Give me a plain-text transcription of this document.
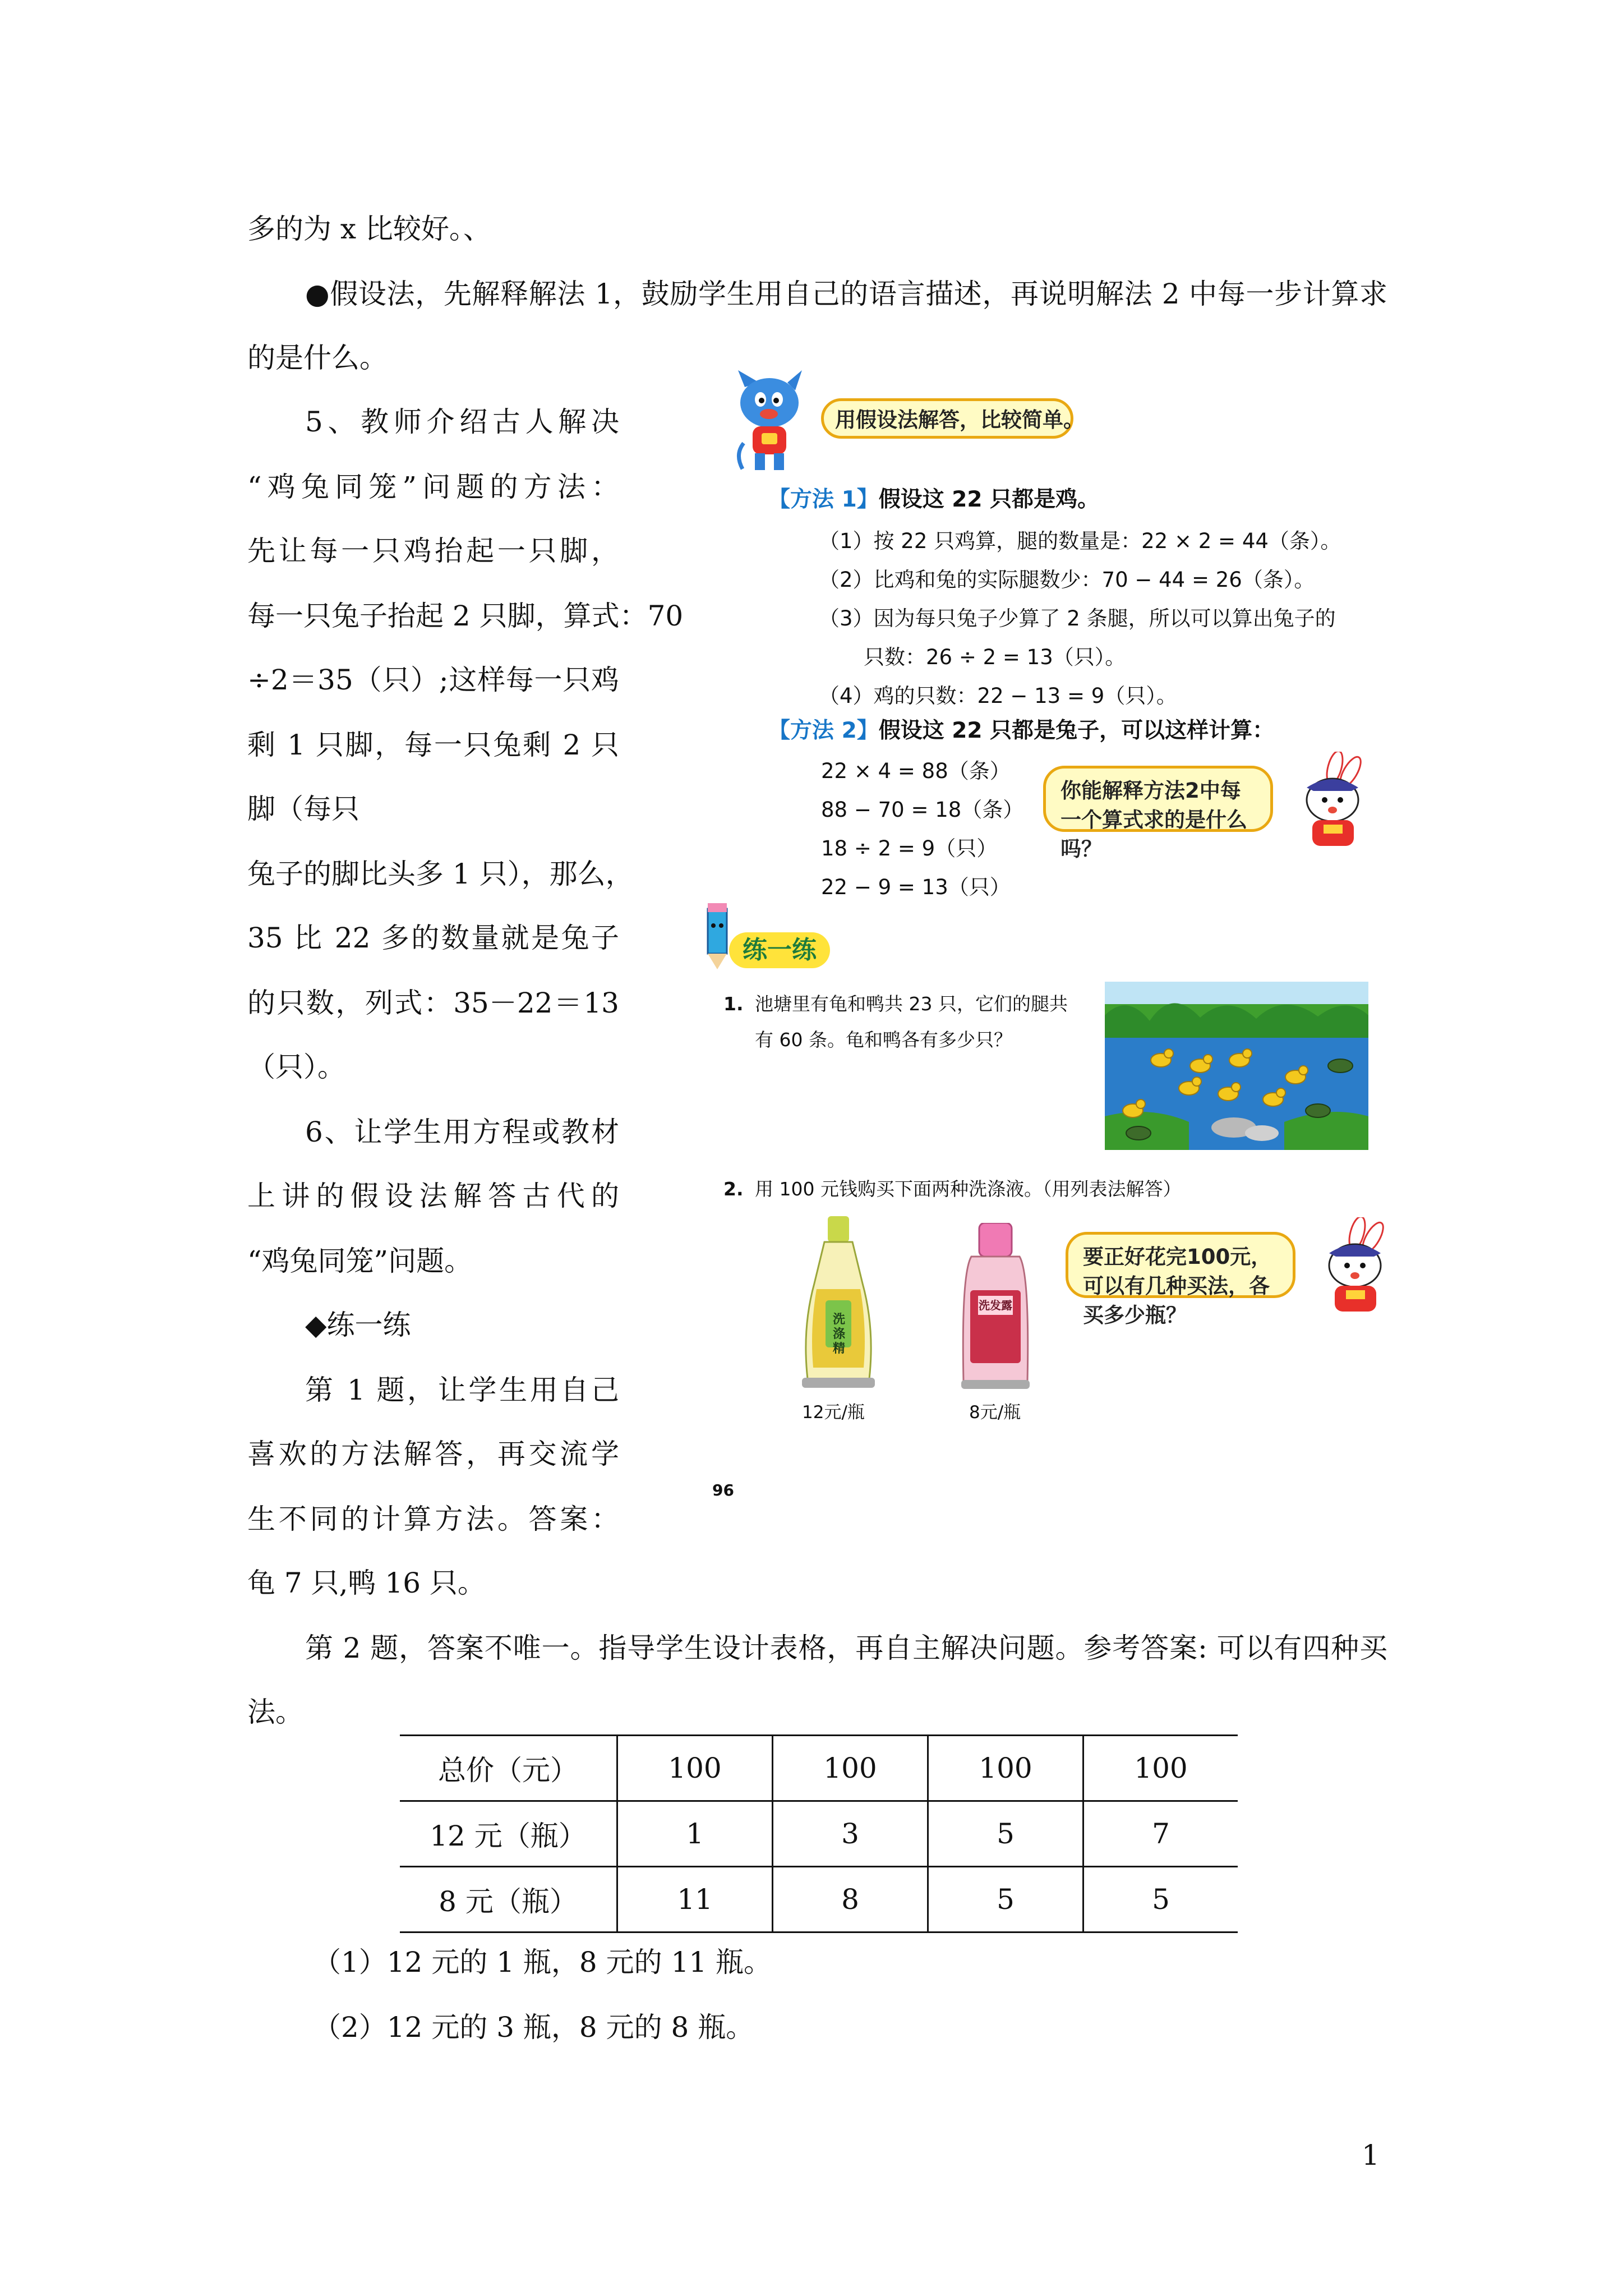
多的为 x 比较好。、
●假设法，先解释解法 1，鼓励学生用自己的语言描述，再说明解法 2 中每一步计算求
的是什么。
5、教师介绍古人解决
“鸡兔同笼”问题的方法：
先让每一只鸡抬起一只脚，
每一只兔子抬起 2 只脚，算式：70
÷2＝35（只）;这样每一只鸡
剩 1 只脚，每一只兔剩 2 只
脚（每只
兔子的脚比头多 1 只），那么，
35 比 22 多的数量就是兔子
的只数，列式：35－22＝13
（只）。
6、让学生用方程或教材
上讲的假设法解答古代的
“鸡兔同笼”问题。
◆练一练
第 1 题，让学生用自己
喜欢的方法解答，再交流学
生不同的计算方法。答案：
龟 7 只,鸭 16 只。
用假设法解答，比较简单。
【方法 1】假设这 22 只都是鸡。
（1）按 22 只鸡算，腿的数量是：22 × 2 = 44（条）。
（2）比鸡和兔的实际腿数少：70 − 44 = 26（条）。
（3）因为每只兔子少算了 2 条腿，所以可以算出兔子的
只数：26 ÷ 2 = 13（只）。
（4）鸡的只数：22 − 13 = 9（只）。
【方法 2】假设这 22 只都是兔子，可以这样计算：
22 × 4 = 88（条）
88 − 70 = 18（条）
18 ÷ 2 = 9（只）
22 − 9 = 13（只）
你能解释方法2中每一个算式求的是什么吗？
练一练
1. 池塘里有龟和鸭共 23 只，它们的腿共
有 60 条。龟和鸭各有多少只？
2. 用 100 元钱购买下面两种洗涤液。（用列表法解答）
洗涤精
12元/瓶
洗发露
8元/瓶
要正好花完100元，可以有几种买法，各买多少瓶？
96
第 2 题，答案不唯一。指导学生设计表格，再自主解决问题。参考答案: 可以有四种买
法。
总价（元）	100	100	100	100
12 元（瓶）	1	3	5	7
8 元（瓶）	11	8	5	5
（1）12 元的 1 瓶，8 元的 11 瓶。
（2）12 元的 3 瓶，8 元的 8 瓶。
1
